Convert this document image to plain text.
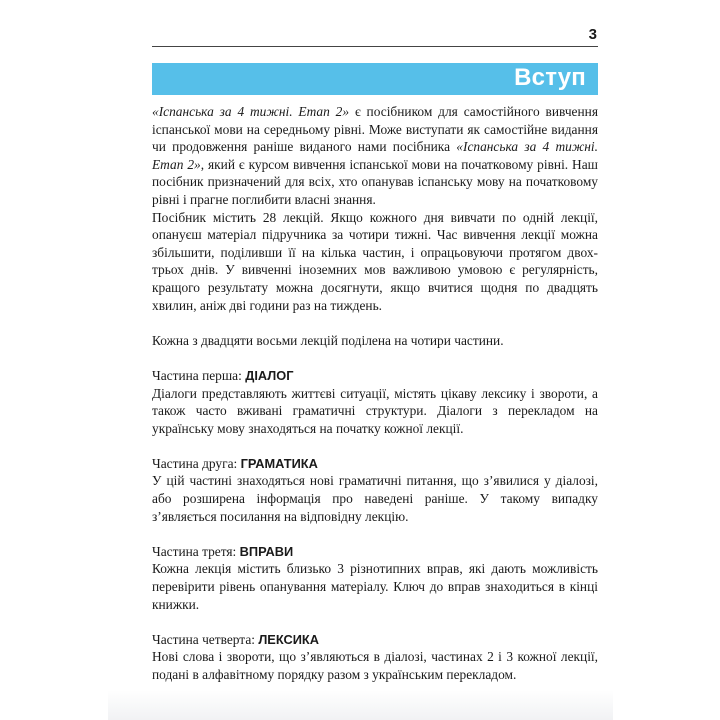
3
Вступ

«Іспанська за 4 тижні. Етап 2» є посібником для самостійного вивчення іспанської мови на середньому рівні. Може виступати як самостійне видання чи продовження раніше виданого нами посібника «Іспанська за 4 тижні. Етап 2», який є курсом вивчення іспанської мови на початковому рівні. Наш посібник призначений для всіх, хто опанував іспанську мову на початковому рівні і прагне поглибити власні знання.

Посібник містить 28 лекцій. Якщо кожного дня вивчати по одній лекції, опануєш матеріал підручника за чотири тижні. Час вивчення лекції можна збільшити, поділивши її на кілька частин, і опрацьовуючи протягом двох-трьох днів. У вивченні іноземних мов важливою умовою є регулярність, кращого результату можна досягнути, якщо вчитися щодня по двадцять хвилин, аніж дві години раз на тиждень.

Кожна з двадцяти восьми лекцій поділена на чотири частини.

Частина перша: ДІАЛОГ

Діалоги представляють життєві ситуації, містять цікаву лексику і звороти, а також часто вживані граматичні структури. Діалоги з перекладом на українську мову знаходяться на початку кожної лекції.

Частина друга: ГРАМАТИКА

У цій частині знаходяться нові граматичні питання, що з’явилися у діалозі, або розширена інформація про наведені раніше. У такому випадку з’являється посилання на відповідну лекцію.

Частина третя: ВПРАВИ

Кожна лекція містить близько 3 різнотипних вправ, які дають можливість перевірити рівень опанування матеріалу. Ключ до вправ знаходиться в кінці книжки.

Частина четверта: ЛЕКСИКА

Нові слова і звороти, що з’являються в діалозі, частинах 2 і 3 кожної лекції, подані в алфавітному порядку разом з українським перекладом.
